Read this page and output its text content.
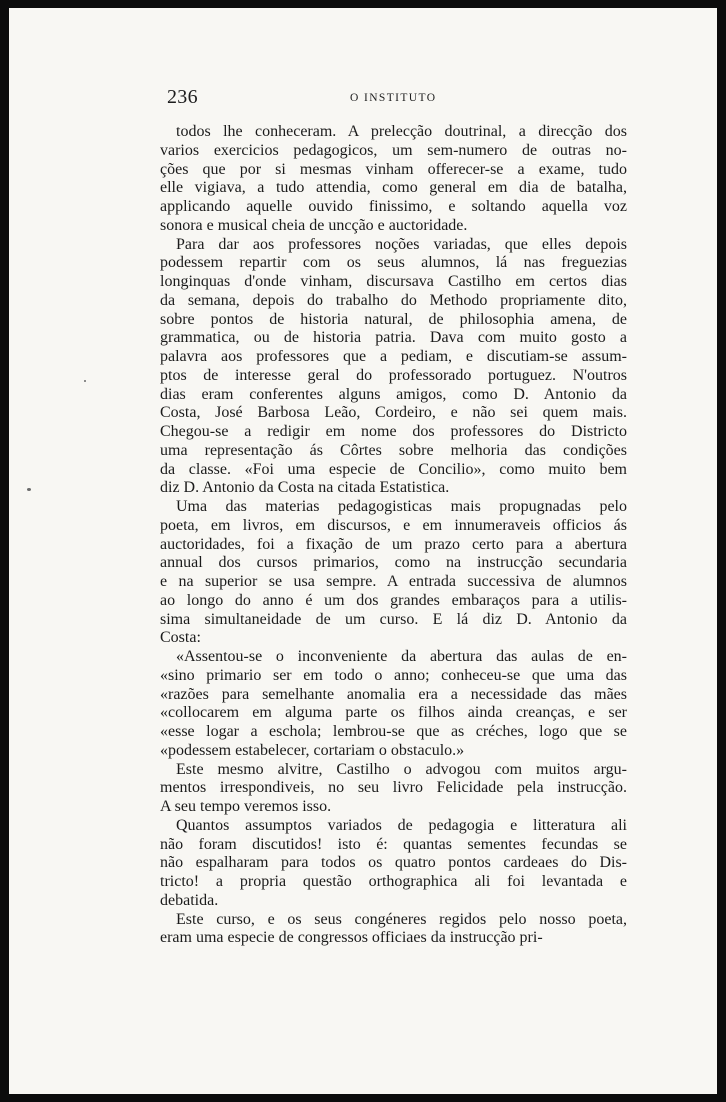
236	O INSTITUTO
todos lhe conheceram. A prelecção doutrinal, a direcção dos
varios exercicios pedagogicos, um sem-numero de outras no-
ções que por si mesmas vinham offerecer-se a exame, tudo
elle vigiava, a tudo attendia, como general em dia de batalha,
applicando aquelle ouvido finissimo, e soltando aquella voz
sonora e musical cheia de uncção e auctoridade.
Para dar aos professores noções variadas, que elles depois
podessem repartir com os seus alumnos, lá nas freguezias
longinquas d'onde vinham, discursava Castilho em certos dias
da semana, depois do trabalho do Methodo propriamente dito,
sobre pontos de historia natural, de philosophia amena, de
grammatica, ou de historia patria. Dava com muito gosto a
palavra aos professores que a pediam, e discutiam-se assum-
ptos de interesse geral do professorado portuguez. N'outros
dias eram conferentes alguns amigos, como D. Antonio da
Costa, José Barbosa Leão, Cordeiro, e não sei quem mais.
Chegou-se a redigir em nome dos professores do Districto
uma representação ás Côrtes sobre melhoria das condições
da classe. «Foi uma especie de Concilio», como muito bem
diz D. Antonio da Costa na citada Estatistica.
Uma das materias pedagogisticas mais propugnadas pelo
poeta, em livros, em discursos, e em innumeraveis officios ás
auctoridades, foi a fixação de um prazo certo para a abertura
annual dos cursos primarios, como na instrucção secundaria
e na superior se usa sempre. A entrada successiva de alumnos
ao longo do anno é um dos grandes embaraços para a utilis-
sima simultaneidade de um curso. E lá diz D. Antonio da
Costa:
«Assentou-se o inconveniente da abertura das aulas de en-
«sino primario ser em todo o anno; conheceu-se que uma das
«razões para semelhante anomalia era a necessidade das mães
«collocarem em alguma parte os filhos ainda creanças, e ser
«esse logar a eschola; lembrou-se que as créches, logo que se
«podessem estabelecer, cortariam o obstaculo.»
Este mesmo alvitre, Castilho o advogou com muitos argu-
mentos irrespondiveis, no seu livro Felicidade pela instrucção.
A seu tempo veremos isso.
Quantos assumptos variados de pedagogia e litteratura ali
não foram discutidos! isto é: quantas sementes fecundas se
não espalharam para todos os quatro pontos cardeaes do Dis-
tricto! a propria questão orthographica ali foi levantada e
debatida.
Este curso, e os seus congéneres regidos pelo nosso poeta,
eram uma especie de congressos officiaes da instrucção pri-
